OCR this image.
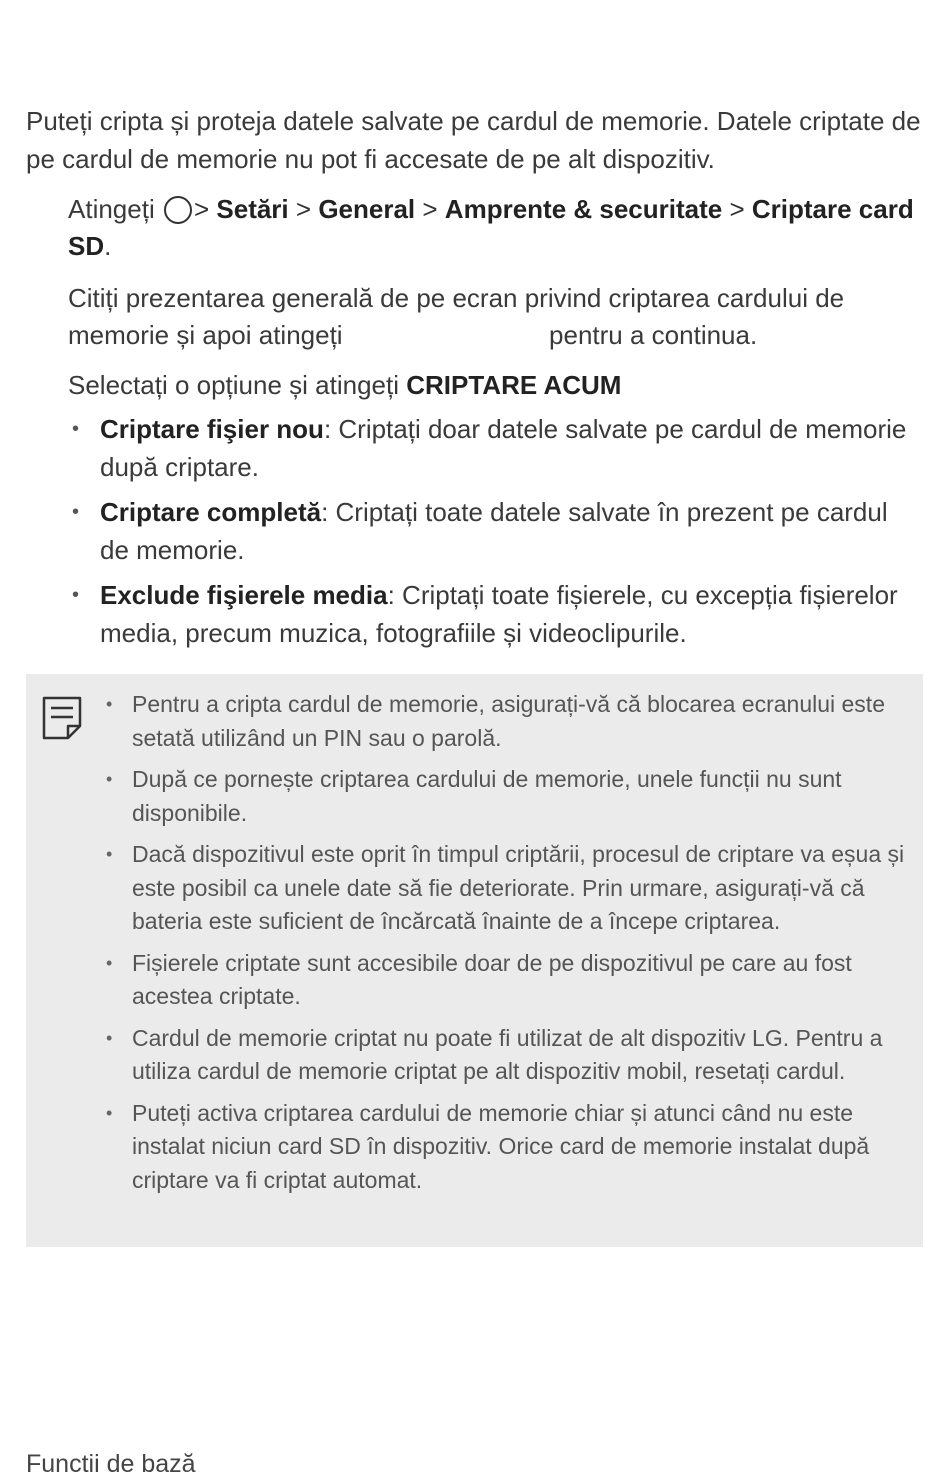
Puteți cripta și proteja datele salvate pe cardul de memorie. Datele criptate de pe cardul de memorie nu pot fi accesate de pe alt dispozitiv.

Atingeți > Setări > General > Amprente & securitate > Criptare card SD.

Citiți prezentarea generală de pe ecran privind criptarea cardului de memorie și apoi atingeți	pentru a continua.

Selectați o opțiune și atingeți CRIPTARE ACUM

• Criptare fişier nou: Criptați doar datele salvate pe cardul de memorie după criptare.
• Criptare completă: Criptați toate datele salvate în prezent pe cardul de memorie.
• Exclude fişierele media: Criptați toate fișierele, cu excepția fișierelor media, precum muzica, fotografiile și videoclipurile.
• Pentru a cripta cardul de memorie, asigurați-vă că blocarea ecranului este setată utilizând un PIN sau o parolă.
• După ce pornește criptarea cardului de memorie, unele funcții nu sunt disponibile.
• Dacă dispozitivul este oprit în timpul criptării, procesul de criptare va eșua și este posibil ca unele date să fie deteriorate. Prin urmare, asigurați-vă că bateria este suficient de încărcată înainte de a începe criptarea.
• Fișierele criptate sunt accesibile doar de pe dispozitivul pe care au fost acestea criptate.
• Cardul de memorie criptat nu poate fi utilizat de alt dispozitiv LG. Pentru a utiliza cardul de memorie criptat pe alt dispozitiv mobil, resetați cardul.
• Puteți activa criptarea cardului de memorie chiar și atunci când nu este instalat niciun card SD în dispozitiv. Orice card de memorie instalat după criptare va fi criptat automat.
Functii de bază
